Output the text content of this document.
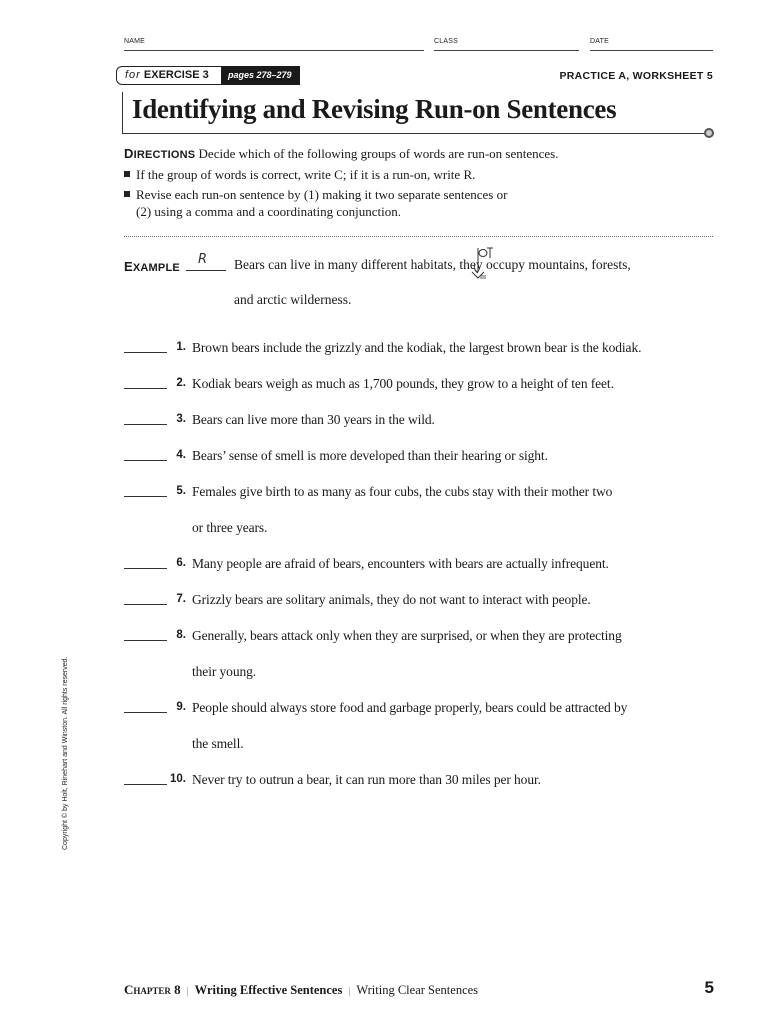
NAME	CLASS	DATE
for EXERCISE 3	pages 278–279	PRACTICE A, WORKSHEET 5
Identifying and Revising Run-on Sentences
DIRECTIONS Decide which of the following groups of words are run-on sentences.
If the group of words is correct, write C; if it is a run-on, write R.
Revise each run-on sentence by (1) making it two separate sentences or
(2) using a comma and a coordinating conjunction.
EXAMPLE
R Bears can live in many different habitats, they occupy mountains, forests,
and arctic wilderness.
1. Brown bears include the grizzly and the kodiak, the largest brown bear is the kodiak.
2. Kodiak bears weigh as much as 1,700 pounds, they grow to a height of ten feet.
3. Bears can live more than 30 years in the wild.
4. Bears’ sense of smell is more developed than their hearing or sight.
5. Females give birth to as many as four cubs, the cubs stay with their mother two
or three years.
6. Many people are afraid of bears, encounters with bears are actually infrequent.
7. Grizzly bears are solitary animals, they do not want to interact with people.
8. Generally, bears attack only when they are surprised, or when they are protecting
their young.
9. People should always store food and garbage properly, bears could be attracted by
the smell.
10. Never try to outrun a bear, it can run more than 30 miles per hour.
Copyright © by Holt, Rinehart and Winston. All rights reserved.
Chapter 8 | Writing Effective Sentences | Writing Clear Sentences	5
